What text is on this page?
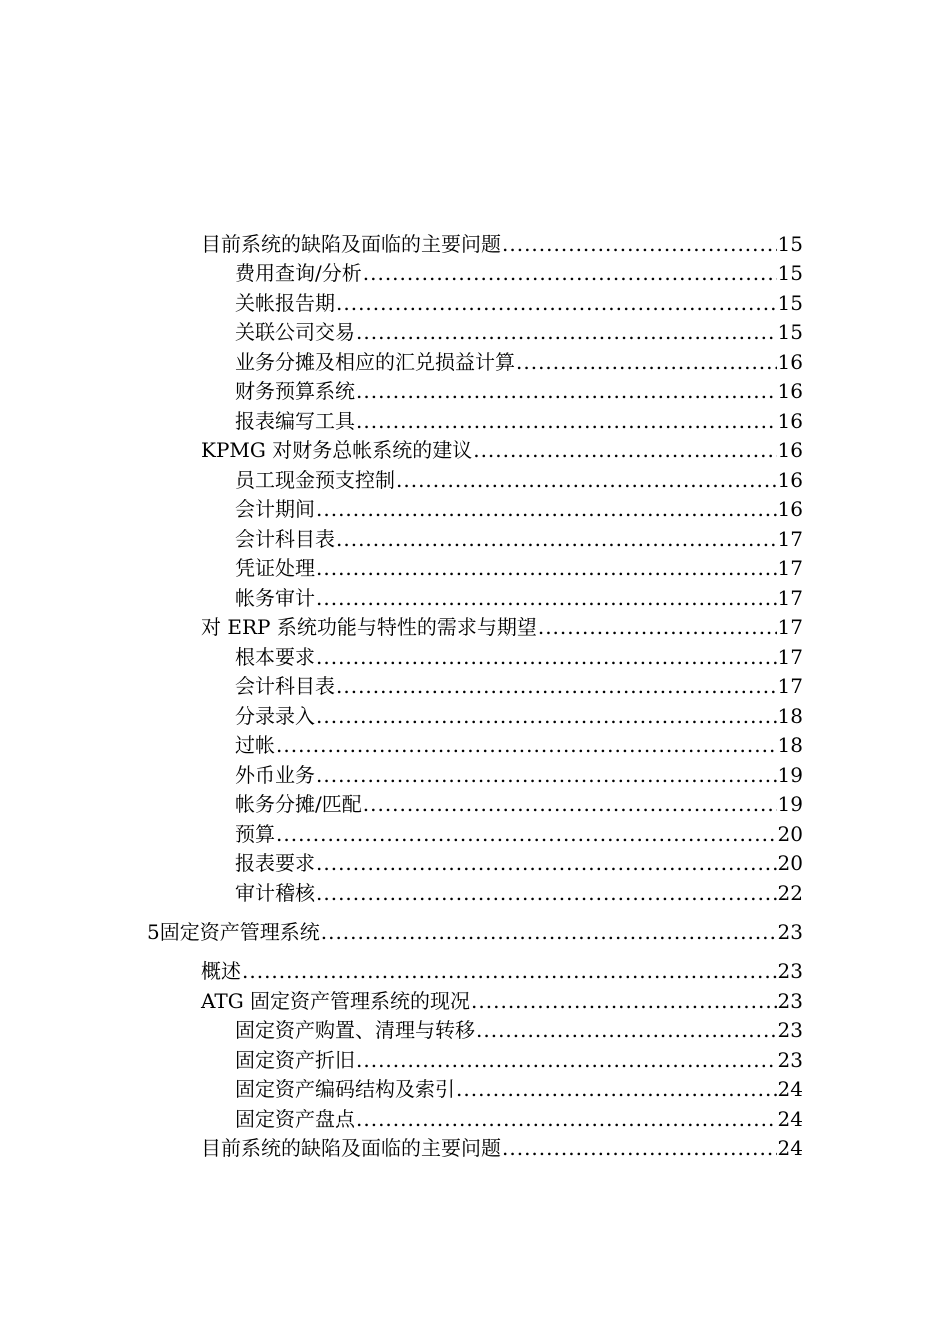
目前系统的缺陷及面临的主要问题 .....	15
费用查询/分析 .....	15
关帐报告期 .....	15
关联公司交易 .....	15
业务分摊及相应的汇兑损益计算 .....	16
财务预算系统 .....	16
报表编写工具 .....	16
KPMG 对财务总帐系统的建议 .....	16
员工现金预支控制 .....	16
会计期间 .....	16
会计科目表 .....	17
凭证处理 .....	17
帐务审计 .....	17
对 ERP 系统功能与特性的需求与期望 .....	17
根本要求 .....	17
会计科目表 .....	17
分录录入 .....	18
过帐 .....	18
外币业务 .....	19
帐务分摊/匹配 .....	19
预算 .....	20
报表要求 .....	20
审计稽核 .....	22
5 固定资产管理系统 .....	23
概述 .....	23
ATG 固定资产管理系统的现况 .....	23
固定资产购置、清理与转移 .....	23
固定资产折旧 .....	23
固定资产编码结构及索引 .....	24
固定资产盘点 .....	24
目前系统的缺陷及面临的主要问题 .....	24
